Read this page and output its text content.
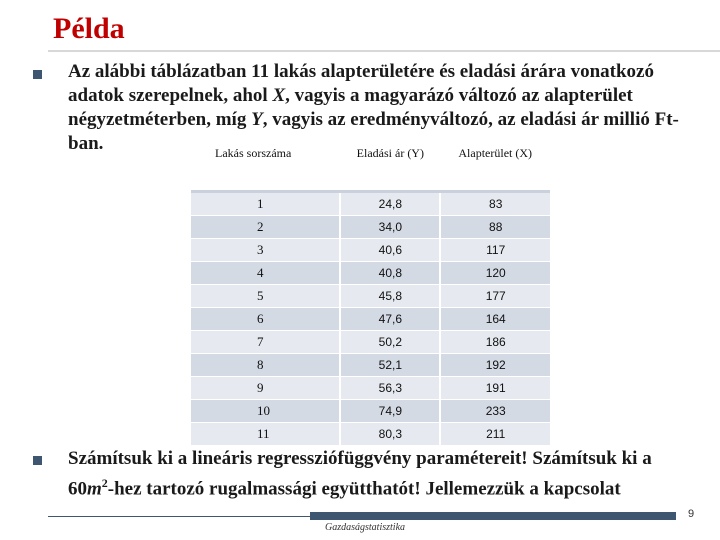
Példa

Az alábbi táblázatban 11 lakás alapterületére és eladási árára vonatkozó adatok szerepelnek, ahol X, vagyis a magyarázó változó az alapterület négyzetméterben, míg Y, vagyis az eredményváltozó, az eladási ár millió Ft-ban.	Lakás sorszáma	Eladási ár (Y)	Alapterület (X)
1	24,8	83
2	34,0	88
3	40,6	117
4	40,8	120
5	45,8	177
6	47,6	164
7	50,2	186
8	52,1	192
9	56,3	191
10	74,9	233
11	80,3	211

Számítsuk ki a lineáris regressziófüggvény paramétereit! Számítsuk ki a $60m^2$-hez tartozó rugalmassági együtthatót! Jellemezzük a kapcsolat

9
Gazdaságstatisztika
